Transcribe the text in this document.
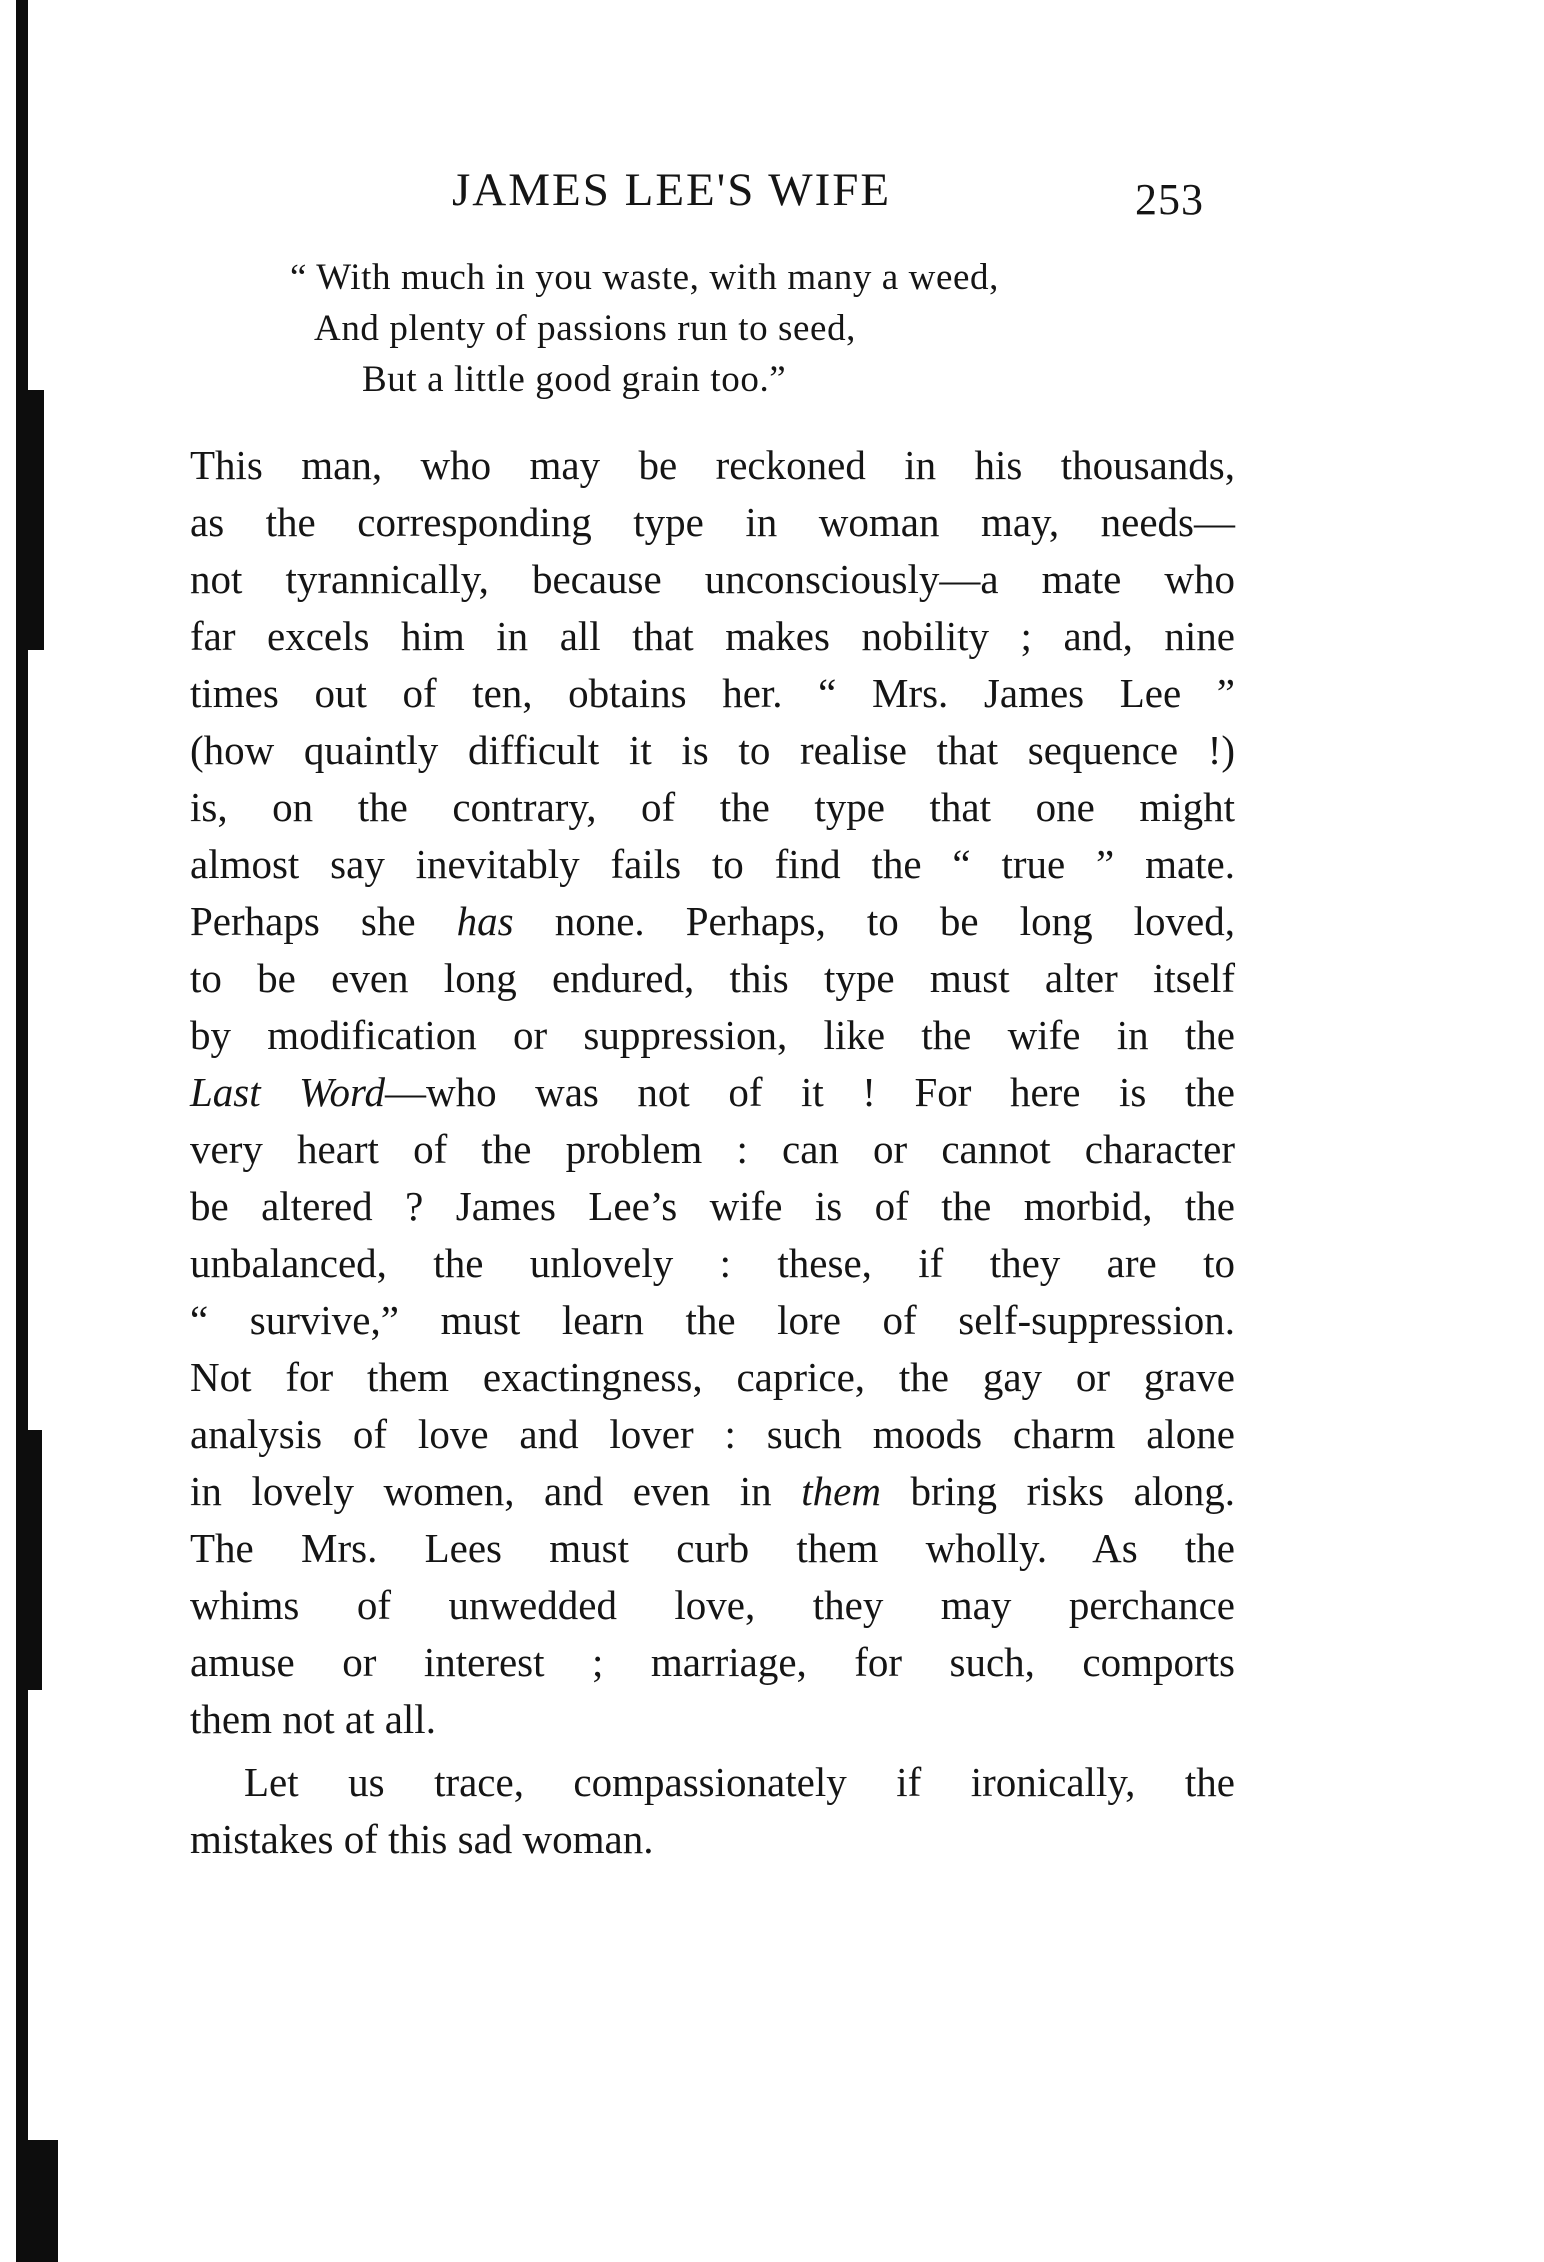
JAMES LEE'S WIFE	253
“ With much in you waste, with many a weed,
And plenty of passions run to seed,
But a little good grain too.”
This man, who may be reckoned in his thousands,
as the corresponding type in woman may, needs—
not tyrannically, because unconsciously—a mate who
far excels him in all that makes nobility ; and, nine
times out of ten, obtains her. “ Mrs. James Lee ”
(how quaintly difficult it is to realise that sequence !)
is, on the contrary, of the type that one might
almost say inevitably fails to find the “ true ” mate.
Perhaps she has none. Perhaps, to be long loved,
to be even long endured, this type must alter itself
by modification or suppression, like the wife in the
Last Word—who was not of it ! For here is the
very heart of the problem : can or cannot character
be altered ? James Lee’s wife is of the morbid, the
unbalanced, the unlovely : these, if they are to
“ survive,” must learn the lore of self-suppression.
Not for them exactingness, caprice, the gay or grave
analysis of love and lover : such moods charm alone
in lovely women, and even in them bring risks along.
The Mrs. Lees must curb them wholly. As the
whims of unwedded love, they may perchance
amuse or interest ; marriage, for such, comports
them not at all.
Let us trace, compassionately if ironically, the
mistakes of this sad woman.
